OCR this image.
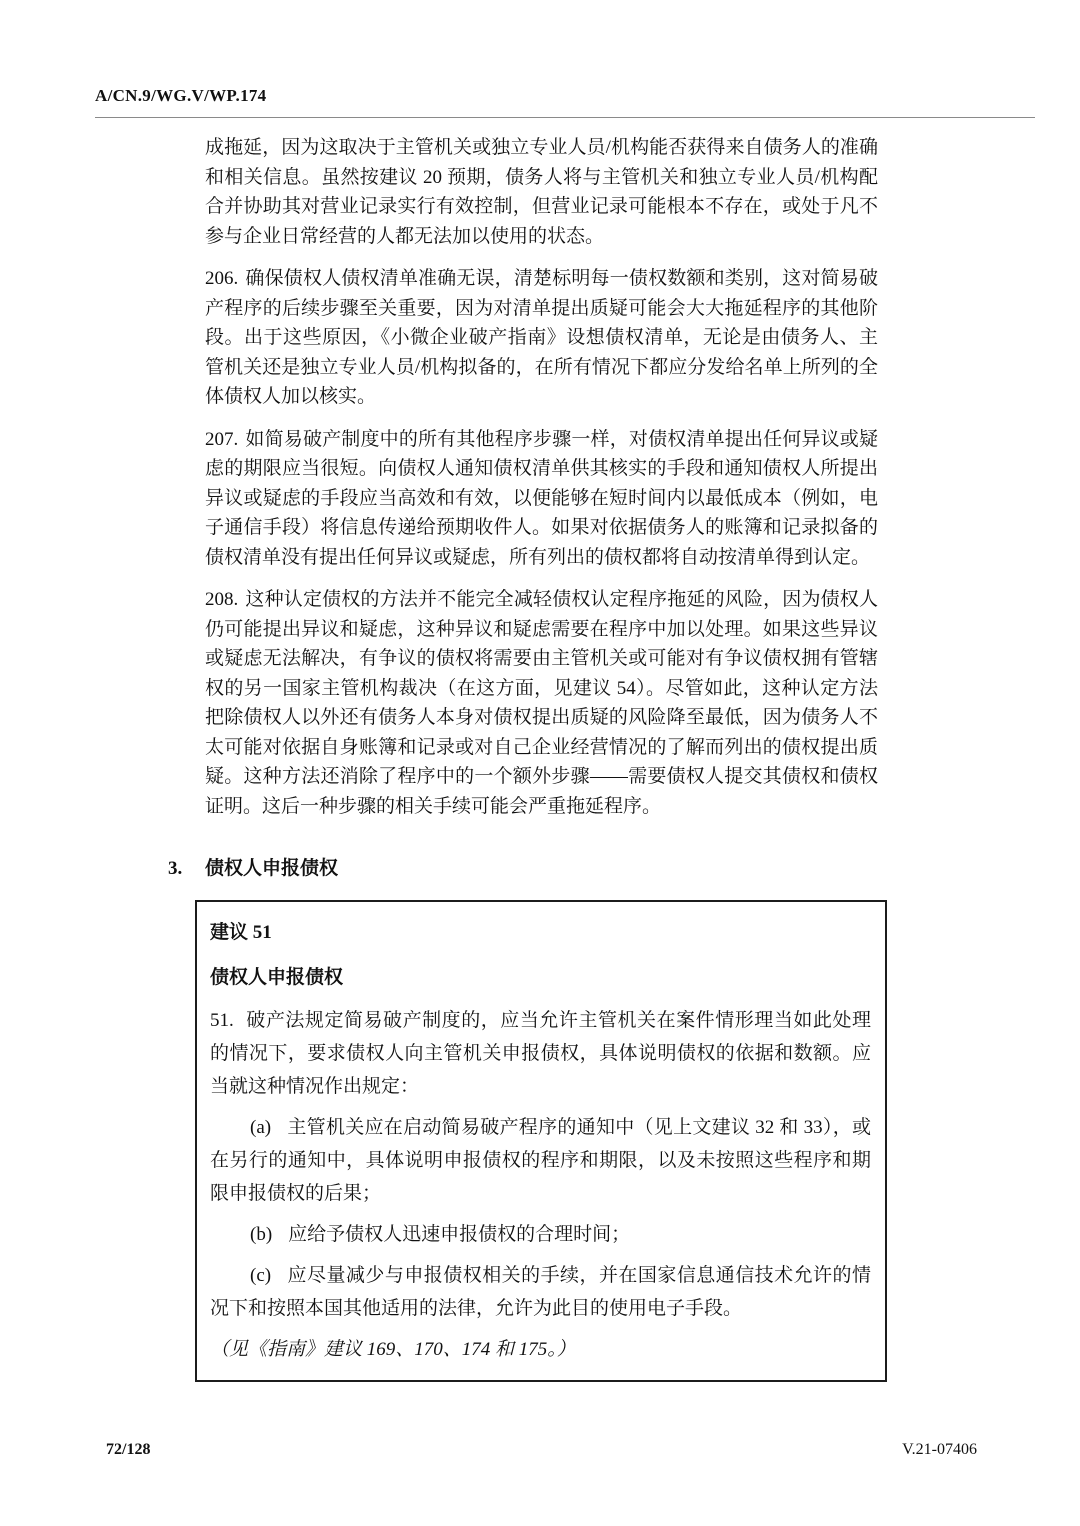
A/CN.9/WG.V/WP.174

成拖延，因为这取决于主管机关或独立专业人员/机构能否获得来自债务人的准确和相关信息。虽然按建议 20 预期，债务人将与主管机关和独立专业人员/机构配合并协助其对营业记录实行有效控制，但营业记录可能根本不存在，或处于凡不参与企业日常经营的人都无法加以使用的状态。

206. 确保债权人债权清单准确无误，清楚标明每一债权数额和类别，这对简易破产程序的后续步骤至关重要，因为对清单提出质疑可能会大大拖延程序的其他阶段。出于这些原因，《小微企业破产指南》设想债权清单，无论是由债务人、主管机关还是独立专业人员/机构拟备的，在所有情况下都应分发给名单上所列的全体债权人加以核实。

207. 如简易破产制度中的所有其他程序步骤一样，对债权清单提出任何异议或疑虑的期限应当很短。向债权人通知债权清单供其核实的手段和通知债权人所提出异议或疑虑的手段应当高效和有效，以便能够在短时间内以最低成本（例如，电子通信手段）将信息传递给预期收件人。如果对依据债务人的账簿和记录拟备的债权清单没有提出任何异议或疑虑，所有列出的债权都将自动按清单得到认定。

208. 这种认定债权的方法并不能完全减轻债权认定程序拖延的风险，因为债权人仍可能提出异议和疑虑，这种异议和疑虑需要在程序中加以处理。如果这些异议或疑虑无法解决，有争议的债权将需要由主管机关或可能对有争议债权拥有管辖权的另一国家主管机构裁决（在这方面，见建议 54）。尽管如此，这种认定方法把除债权人以外还有债务人本身对债权提出质疑的风险降至最低，因为债务人不太可能对依据自身账簿和记录或对自己企业经营情况的了解而列出的债权提出质疑。这种方法还消除了程序中的一个额外步骤——需要债权人提交其债权和债权证明。这后一种步骤的相关手续可能会严重拖延程序。

3. 债权人申报债权

建议 51

债权人申报债权

51. 破产法规定简易破产制度的，应当允许主管机关在案件情形理当如此处理的情况下，要求债权人向主管机关申报债权，具体说明债权的依据和数额。应当就这种情况作出规定：

(a) 主管机关应在启动简易破产程序的通知中（见上文建议 32 和 33），或在另行的通知中，具体说明申报债权的程序和期限，以及未按照这些程序和期限申报债权的后果；

(b) 应给予债权人迅速申报债权的合理时间；

(c) 应尽量减少与申报债权相关的手续，并在国家信息通信技术允许的情况下和按照本国其他适用的法律，允许为此目的使用电子手段。

（见《指南》建议 169、170、174 和 175。）

72/128	V.21-07406
